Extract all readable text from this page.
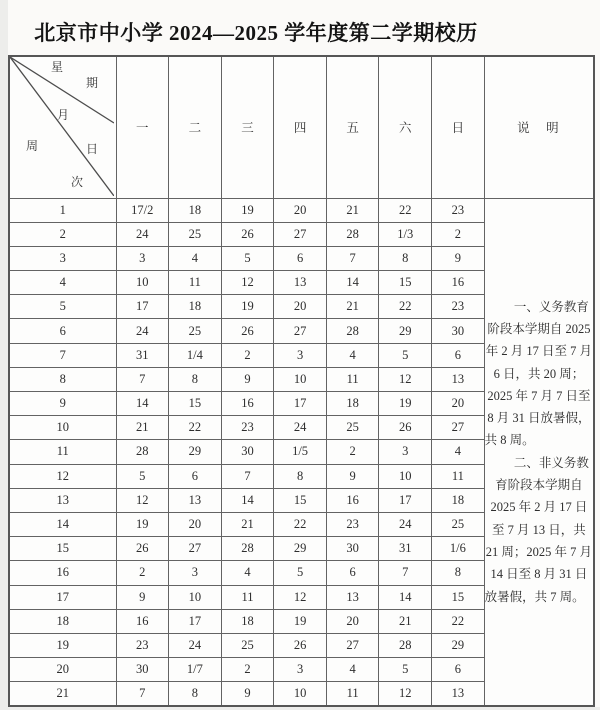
北京市中小学 2024—2025 学年度第二学期校历
星
期
月
日
周
次
	一	二	三	四	五	六	日	说　明
1	17/2	18	19	20	21	22	23	一、义务教育阶段本学期自 2025 年 2 月 17 日至 7 月 6 日，共 20 周；2025 年 7 月 7 日至 8 月 31 日放暑假，共 8 周。

二、非义务教育阶段本学期自 2025 年 2 月 17 日至 7 月 13 日，共 21 周；2025 年 7 月 14 日至 8 月 31 日放暑假，共 7 周。

2	24	25	26	27	28	1/3	2	
3	3	4	5	6	7	8	9	
4	10	11	12	13	14	15	16	
5	17	18	19	20	21	22	23	
6	24	25	26	27	28	29	30	
7	31	1/4	2	3	4	5	6	
8	7	8	9	10	11	12	13	
9	14	15	16	17	18	19	20	
10	21	22	23	24	25	26	27	
11	28	29	30	1/5	2	3	4	
12	5	6	7	8	9	10	11	
13	12	13	14	15	16	17	18	
14	19	20	21	22	23	24	25	
15	26	27	28	29	30	31	1/6	
16	2	3	4	5	6	7	8	
17	9	10	11	12	13	14	15	
18	16	17	18	19	20	21	22	
19	23	24	25	26	27	28	29	
20	30	1/7	2	3	4	5	6	
21	7	8	9	10	11	12	13	
